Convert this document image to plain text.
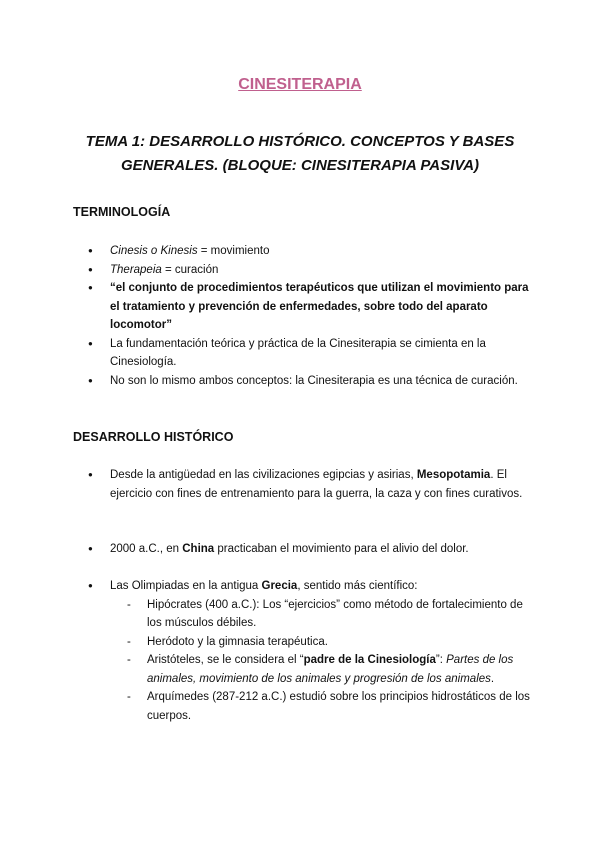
CINESITERAPIA
TEMA 1: DESARROLLO HISTÓRICO. CONCEPTOS Y BASES GENERALES. (BLOQUE: CINESITERAPIA PASIVA)
TERMINOLOGÍA
● Cinesis o Kinesis = movimiento
● Therapeia = curación
● “el conjunto de procedimientos terapéuticos que utilizan el movimiento para el tratamiento y prevención de enfermedades, sobre todo del aparato locomotor”
● La fundamentación teórica y práctica de la Cinesiterapia se cimienta en la Cinesiología.
● No son lo mismo ambos conceptos: la Cinesiterapia es una técnica de curación.
DESARROLLO HISTÓRICO
● Desde la antigüedad en las civilizaciones egipcias y asirias, Mesopotamia. El ejercicio con fines de entrenamiento para la guerra, la caza y con fines curativos.
● 2000 a.C., en China practicaban el movimiento para el alivio del dolor.
● Las Olimpiadas en la antigua Grecia, sentido más científico:
- Hipócrates (400 a.C.): Los “ejercicios” como método de fortalecimiento de los músculos débiles.
- Heródoto y la gimnasia terapéutica.
- Aristóteles, se le considera el “padre de la Cinesiología”: Partes de los animales, movimiento de los animales y progresión de los animales.
- Arquímedes (287-212 a.C.) estudió sobre los principios hidrostáticos de los cuerpos.
